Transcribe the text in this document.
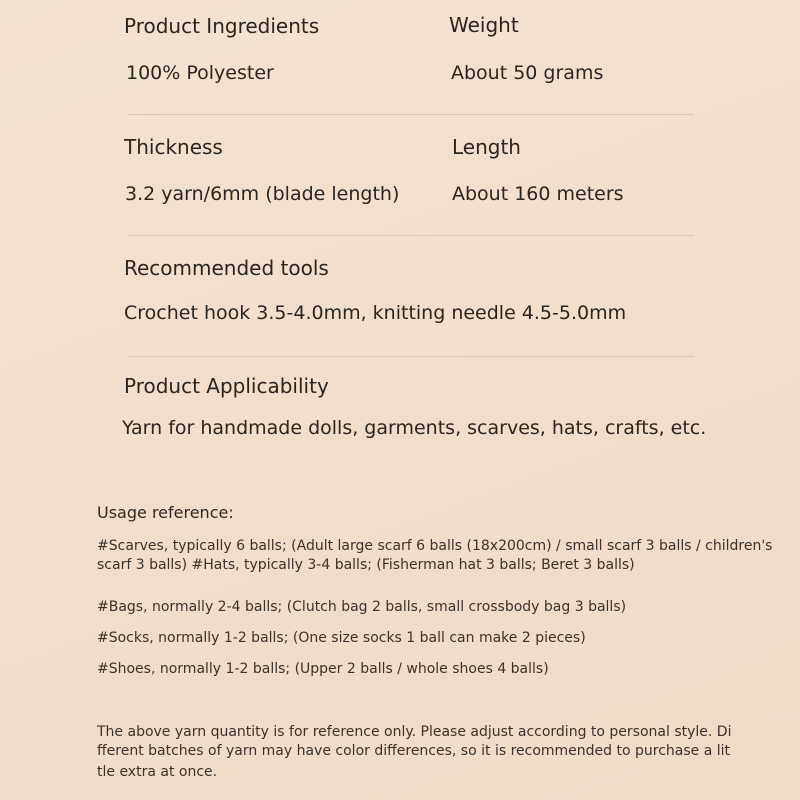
Product Ingredients	Weight
100% Polyester	About 50 grams
Thickness	Length
3.2 yarn/6mm (blade length)	About 160 meters
Recommended tools
Crochet hook 3.5-4.0mm, knitting needle 4.5-5.0mm
Product Applicability
Yarn for handmade dolls, garments, scarves, hats, crafts, etc.
Usage reference:
#Scarves, typically 6 balls; (Adult large scarf 6 balls (18x200cm) / small scarf 3 balls / children's
scarf 3 balls) #Hats, typically 3-4 balls; (Fisherman hat 3 balls; Beret 3 balls)
#Bags, normally 2-4 balls; (Clutch bag 2 balls, small crossbody bag 3 balls)
#Socks, normally 1-2 balls; (One size socks 1 ball can make 2 pieces)
#Shoes, normally 1-2 balls; (Upper 2 balls / whole shoes 4 balls)
The above yarn quantity is for reference only. Please adjust according to personal style. Di
fferent batches of yarn may have color differences, so it is recommended to purchase a lit
tle extra at once.
